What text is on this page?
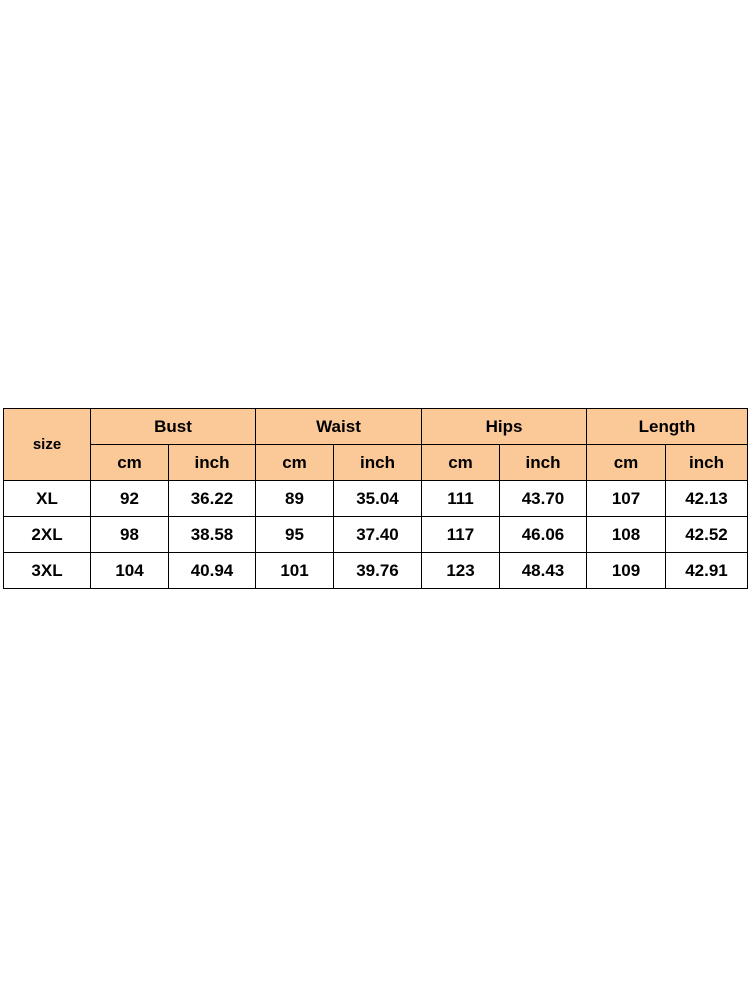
size	Bust		Waist		Hips		Length	
	cm	inch	cm	inch	cm	inch	cm	inch
XL	92	36.22	89	35.04	111	43.70	107	42.13
2XL	98	38.58	95	37.40	117	46.06	108	42.52
3XL	104	40.94	101	39.76	123	48.43	109	42.91
